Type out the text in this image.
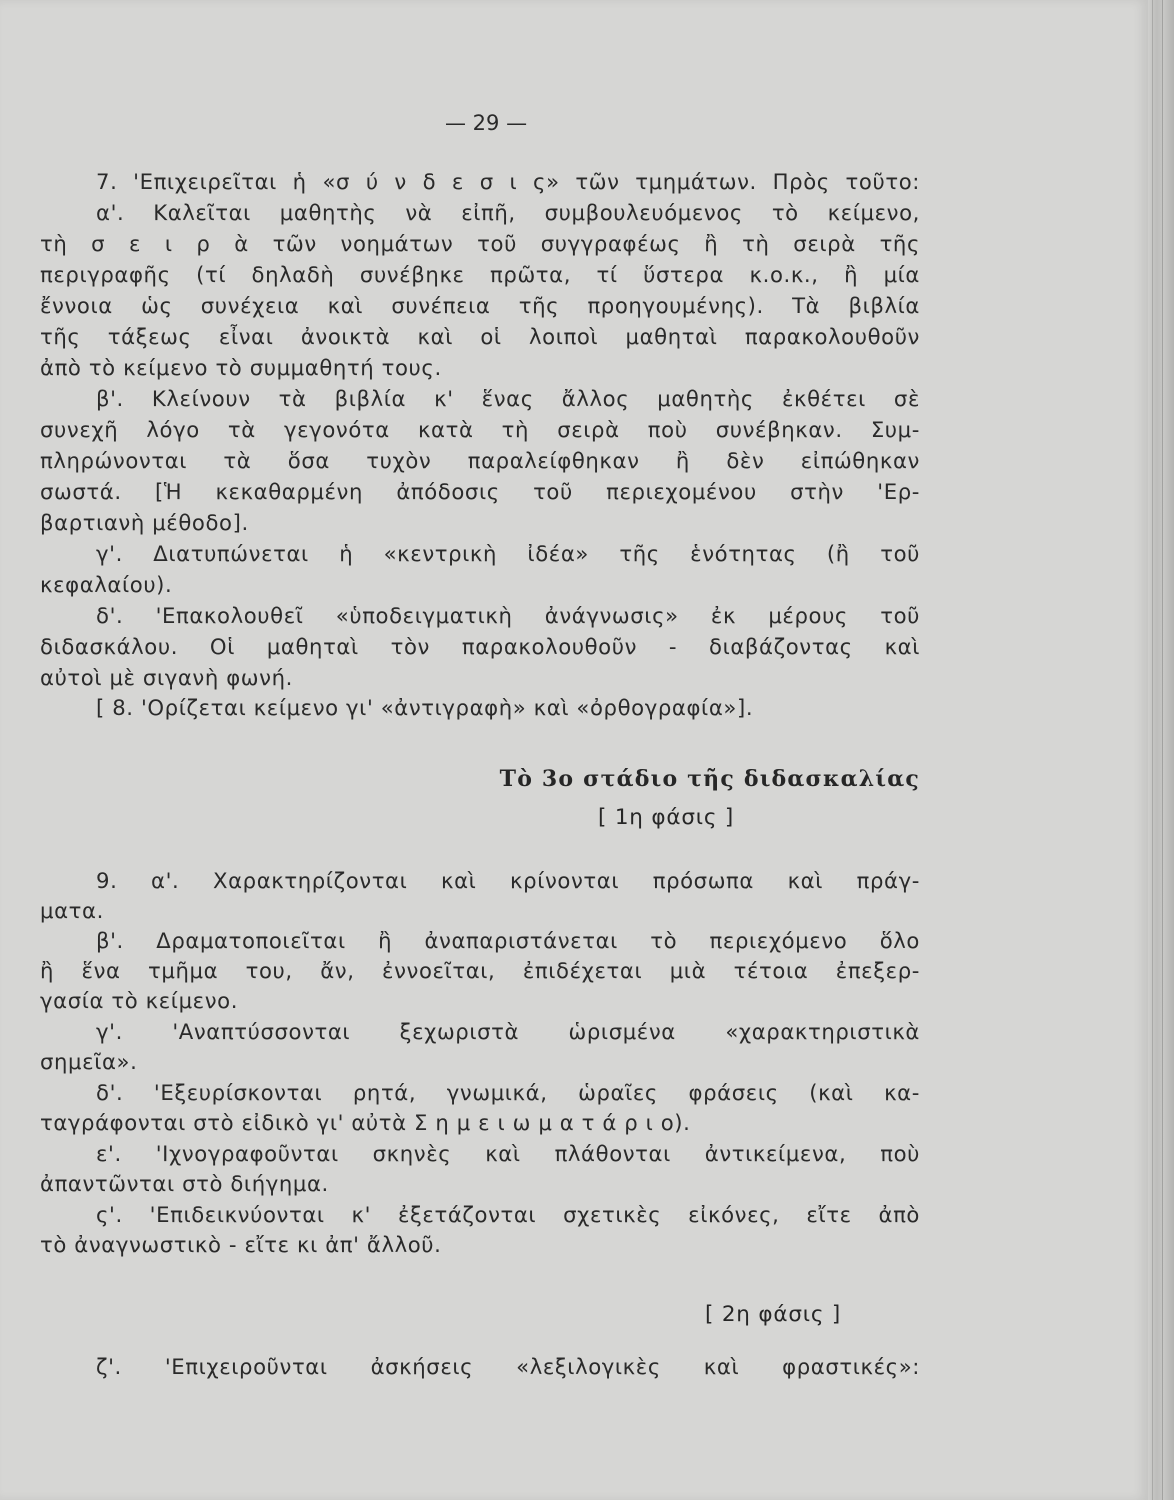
— 29 —
7. 'Επιχειρεῖται ἡ «σ ύ ν δ ε σ ι ς» τῶν τμημάτων. Πρὸς τοῦτο:
α'. Καλεῖται μαθητὴς νὰ εἰπῆ, συμβουλευόμενος τὸ κείμενο,
τὴ σ ε ι ρ ὰ τῶν νοημάτων τοῦ συγγραφέως ἢ τὴ σειρὰ τῆς
περιγραφῆς (τί δηλαδὴ συνέβηκε πρῶτα, τί ὕστερα κ.ο.κ., ἢ μία
ἔννοια ὡς συνέχεια καὶ συνέπεια τῆς προηγουμένης). Τὰ βιβλία
τῆς τάξεως εἶναι ἀνοικτὰ καὶ οἱ λοιποὶ μαθηταὶ παρακολουθοῦν
ἀπὸ τὸ κείμενο τὸ συμμαθητή τους.
β'. Κλείνουν τὰ βιβλία κ' ἕνας ἄλλος μαθητὴς ἐκθέτει σὲ
συνεχῆ λόγο τὰ γεγονότα κατὰ τὴ σειρὰ ποὺ συνέβηκαν. Συμ-
πληρώνονται τὰ ὅσα τυχὸν παραλείφθηκαν ἢ δὲν εἰπώθηκαν
σωστά. [Ἡ κεκαθαρμένη ἀπόδοσις τοῦ περιεχομένου στὴν 'Ερ-
βαρτιανὴ μέθοδο].
γ'. Διατυπώνεται ἡ «κεντρικὴ ἰδέα» τῆς ἑνότητας (ἢ τοῦ
κεφαλαίου).
δ'. 'Επακολουθεῖ «ὑποδειγματικὴ ἀνάγνωσις» ἐκ μέρους τοῦ
διδασκάλου. Οἱ μαθηταὶ τὸν παρακολουθοῦν - διαβάζοντας καὶ
αὐτοὶ μὲ σιγανὴ φωνή.
[ 8. 'Ορίζεται κείμενο γι' «ἀντιγραφὴ» καὶ «ὀρθογραφία»].
9. α'. Χαρακτηρίζονται καὶ κρίνονται πρόσωπα καὶ πράγ-
ματα.
β'. Δραματοποιεῖται ἢ ἀναπαριστάνεται τὸ περιεχόμενο ὅλο
ἢ ἕνα τμῆμα του, ἄν, ἐννοεῖται, ἐπιδέχεται μιὰ τέτοια ἐπεξερ-
γασία τὸ κείμενο.
γ'. 'Αναπτύσσονται ξεχωριστὰ ὡρισμένα «χαρακτηριστικὰ
σημεῖα».
δ'. 'Εξευρίσκονται ρητά, γνωμικά, ὡραῖες φράσεις (καὶ κα-
ταγράφονται στὸ εἰδικὸ γι' αὐτὰ Σ η μ ε ι ω μ α τ ά ρ ι ο).
ε'. 'Ιχνογραφοῦνται σκηνὲς καὶ πλάθονται ἀντικείμενα, ποὺ
ἀπαντῶνται στὸ διήγημα.
ς'. 'Επιδεικνύονται κ' ἐξετάζονται σχετικὲς εἰκόνες, εἴτε ἀπὸ
τὸ ἀναγνωστικὸ - εἴτε κι ἀπ' ἄλλοῦ.
ζ'. 'Επιχειροῦνται ἀσκήσεις «λεξιλογικὲς καὶ φραστικές»:
Τὸ 3ο στάδιο τῆς διδασκαλίας
[ 1η φάσις ]
[ 2η φάσις ]
